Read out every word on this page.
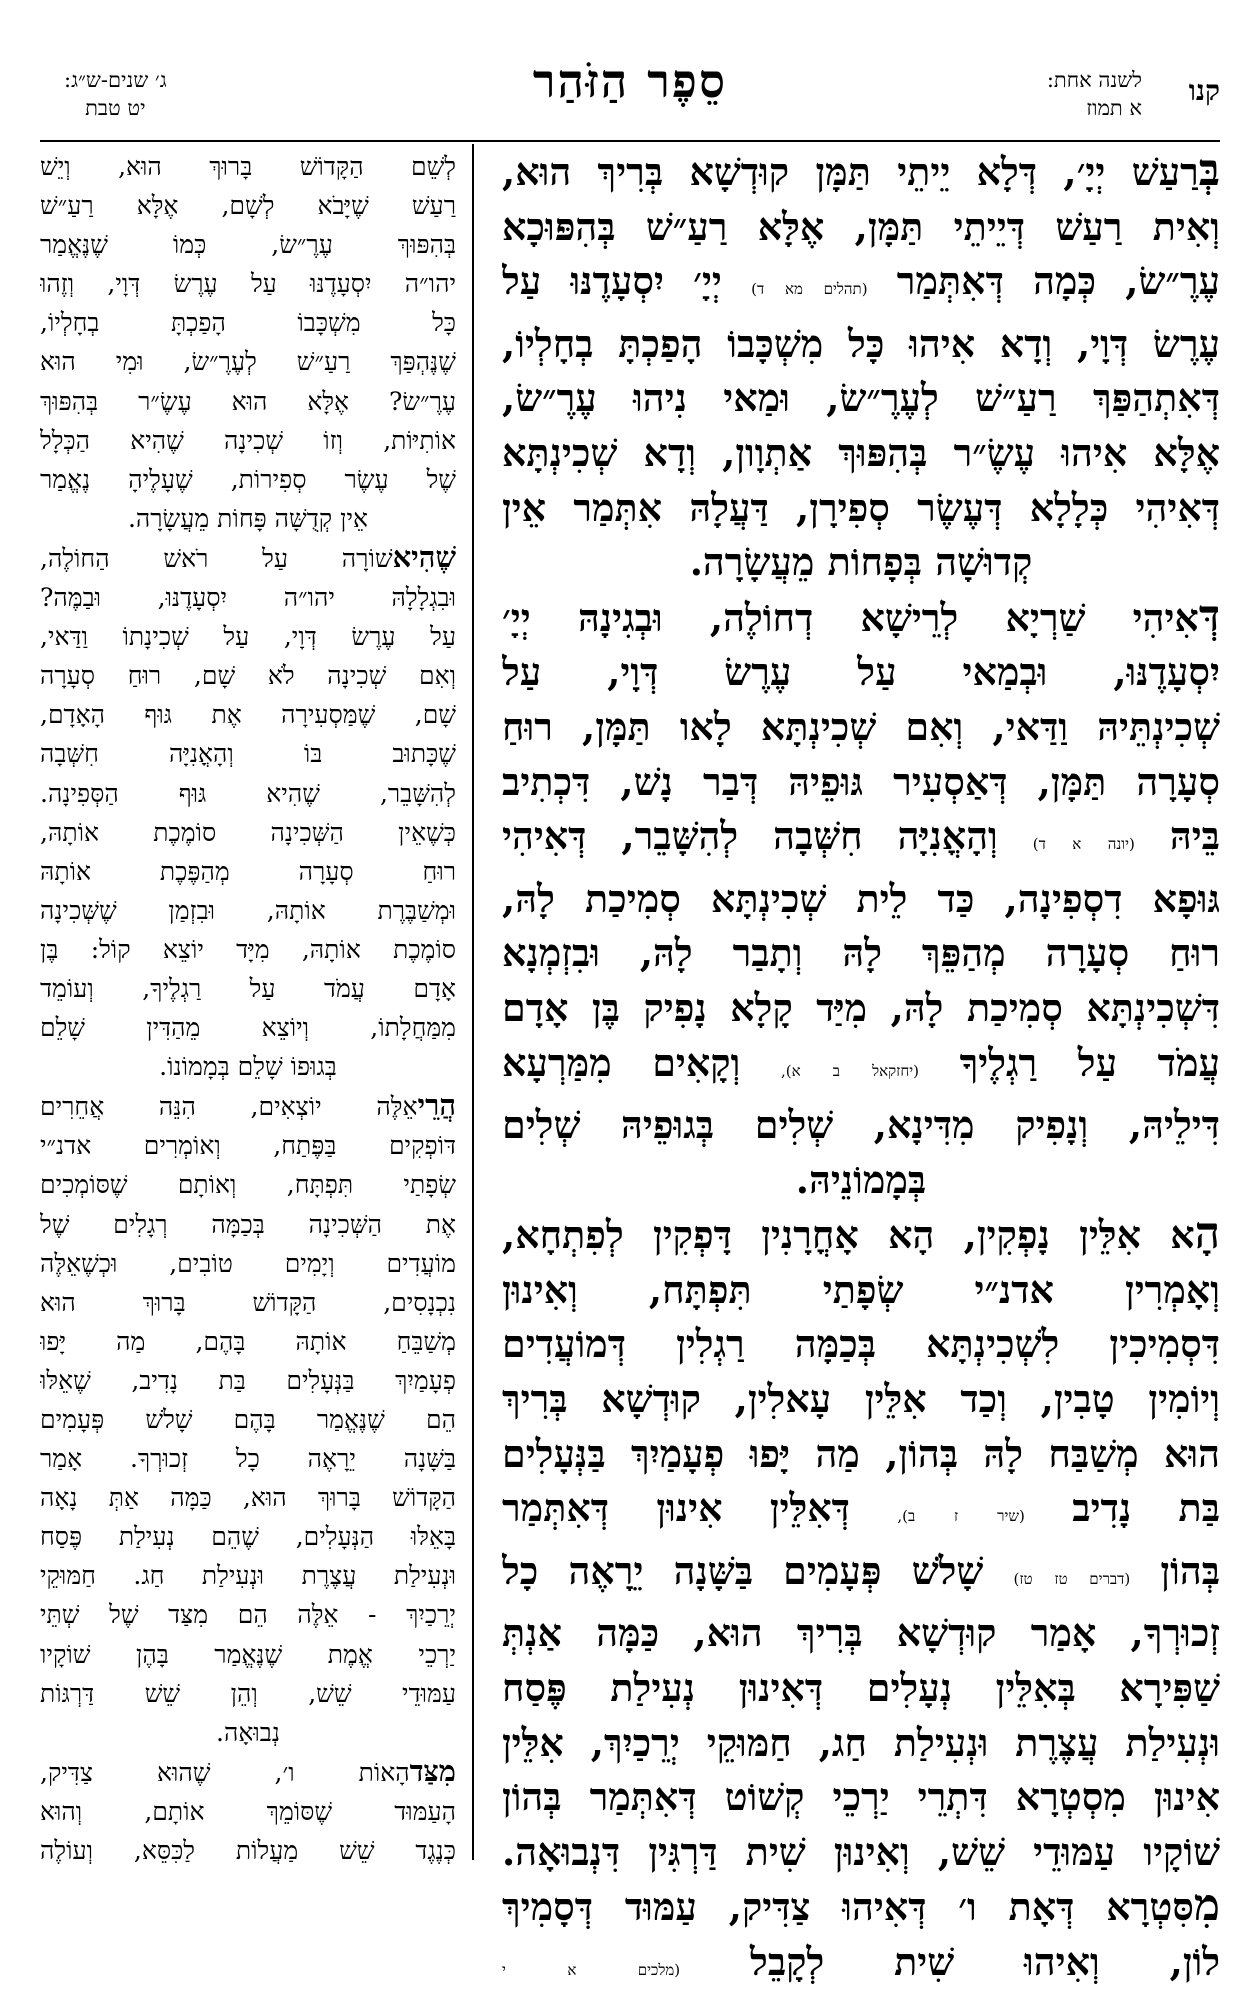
קנו
לשנה אחת:
א תמוז
סֵפֶר הַזֹּהַר
ג׳ שנים-ש״ג:
יט טבת
בְּרַעַשׁ יְיָ׳, דְּלָא יֵיתֵי תַּמָּן קוּדְשָׁא בְּרִיךְ הוּא,
וְאִית רַעַשׁ דְּיֵיתֵי תַּמָּן, אֶלָּא רַעַ״שׁ בְּהִפּוּכָא
עֶרֶ״שׂ, כְּמָה דְּאִתְּמַר (תהלים מא ד) יְיָ׳ יִסְעָדֶנּוּ עַל
עֶרֶשׂ דְּוָי, וְדָא אִיהוּ כָּל מִשְׁכָּבוֹ הָפַכְתָּ בְחָלְיוֹ,
דְּאִתְהַפַּךְ רַעַ״שׁ לְעֶרֶ״שׂ, וּמַאי נִיהוּ עֶרֶ״שׂ,
אֶלָּא אִיהוּ עֶשֶׂ״ר בְּהִפּוּךְ אַתְוָון, וְדָא שְׁכִינְתָּא
דְּאִיהִי כְּלָלָא דְּעֶשֶׂר סְפִירָן, דַּעֲלָהּ אִתְּמַר אֵין
קְדוּשָׁה בְּפָחוֹת מֵעֲשָׂרָה.
דְּאִיהִי שַׁרְיָא לְרֵישָׁא דְחוֹלֶה, וּבְגִינָהּ יְיָ׳
יִסְעָדֶנּוּ, וּבְמַאי עַל עֶרֶשׂ דְּוָי, עַל
שְׁכִינְתֵּיהּ וַדַּאי, וְאִם שְׁכִינְתָּא לָאו תַּמָּן, רוּחַ
סְעָרָה תַּמָּן, דְּאַסְעִיר גּוּפֵיהּ דְּבַר נָשׁ, דִּכְתִיב
בֵּיהּ (יונה א ד) וְהָאֳנִיָּה חִשְּׁבָה לְהִשָּׁבֵר, דְּאִיהִי
גּוּפָא דִסְפִינָה, כַּד לֵית שְׁכִינְתָּא סְמִיכַת לָהּ,
רוּחַ סְעָרָה מְהַפֵּךְ לָהּ וְתָבַר לָהּ, וּבִזְמְנָא
דִּשְׁכִינְתָּא סְמִיכַת לָהּ, מִיַּד קָלָא נָפִיק בֶּן אָדָם
עֲמֹד עַל רַגְלֶיךָ (יחזקאל ב א), וְקָאִים מִמַּרְעָא
דִּילֵיהּ, וְנָפִיק מִדִּינָא, שְׁלִים בְּגוּפֵיהּ שְׁלִים
בְּמָמוֹנֵיהּ.
הָא אִלֵּין נָפְקִין, הָא אָחֳרָנִין דָּפְקִין לְפִתְחָא,
וְאָמְרִין אדנ״י שְׂפָתַי תִּפְתָּח, וְאִינוּן
דִּסְמִיכִין לִשְׁכִינְתָּא בְּכַמָּה רַגְלִין דְּמוֹעֲדִים
וְיוֹמִין טָבִין, וְכַד אִלֵּין עָאלִין, קוּדְשָׁא בְּרִיךְ
הוּא מְשַׁבַּח לָהּ בְּהוֹן, מַה יָּפוּ פְעָמַיִךְ בַּנְּעָלִים
בַּת נָדִיב (שיר ז ב), דְּאִלֵּין אִינוּן דְּאִתְּמַר
בְּהוֹן (דברים טז טז) שָׁלֹשׁ פְּעָמִים בַּשָּׁנָה יֵרָאֶה כָל
זְכוּרְךָ, אָמַר קוּדְשָׁא בְּרִיךְ הוּא, כַּמָּה אַנְתְּ
שַׁפִּירָא בְּאִלֵּין נְעָלִים דְּאִינוּן נְעִילַת פֶּסַח
וּנְעִילַת עֲצֶרֶת וּנְעִילַת חַג, חַמּוּקֵי יְרֵכַיִךְ, אִלֵּין
אִינוּן מִסְטְרָא דִּתְרֵי יַרְכֵי קְשׁוֹט דְּאִתְּמַר בְּהוֹן
שׁוֹקָיו עַמּוּדֵי שֵׁשׁ, וְאִינוּן שִׁית דַּרְגִּין דִּנְבוּאָה.
מִסִּטְרָא דְּאָת ו׳ דְּאִיהוּ צַדִּיק, עַמּוּד דְּסָמִיךְ
לוֹן, וְאִיהוּ שִׁית לְקָבֵל (מלכים א י
לְשֵׁם הַקָּדוֹשׁ בָּרוּךְ הוּא, וְיֵשׁ
רַעַשׁ שֶׁיָּבֹא לְשָׁם, אֶלָּא רַעַ״שׁ
בְּהִפּוּךְ עֶרֶ״שׂ, כְּמוֹ שֶׁנֶּאֱמַר
יהו״ה יִסְעָדֶנּוּ עַל עֶרֶשׂ דְּוָי, וְזֶהוּ
כָּל מִשְׁכָּבוֹ הָפַכְתָּ בְחָלְיוֹ,
שֶׁנֶּהְפַּךְ רַעַ״שׁ לְעֶרֶ״שׂ, וּמִי הוּא
עֶרֶ״שׂ? אֶלָּא הוּא עֶשֶׂ״ר בְּהִפּוּךְ
אוֹתִיּוֹת, וְזוֹ שְׁכִינָה שֶׁהִיא הַכְּלָל
שֶׁל עֶשֶׂר סְפִירוֹת, שֶׁעָלֶיהָ נֶאֱמַר
אֵין קְדֻשָּׁה פָּחוֹת מֵעֲשָׂרָה.
שֶׁהִיאשׁוֹרָה עַל רֹאשׁ הַחוֹלֶה,
וּבִגְלָלָהּ יהו״ה יִסְעָדֶנּוּ, וּבַמֶּה?
עַל עֶרֶשׂ דְּוָי, עַל שְׁכִינָתוֹ וַדַּאי,
וְאִם שְׁכִינָה לֹא שָׁם, רוּחַ סְעָרָה
שָׁם, שֶׁמַּסְעִירָה אֶת גּוּף הָאָדָם,
שֶׁכָּתוּב בּוֹ וְהָאֳנִיָּה חִשְּׁבָה
לְהִשָּׁבֵר, שֶׁהִיא גּוּף הַסְּפִינָה.
כְּשֶׁאֵין הַשְּׁכִינָה סוֹמֶכֶת אוֹתָהּ,
רוּחַ סְעָרָה מְהַפֶּכֶת אוֹתָהּ
וּמְשַׁבֶּרֶת אוֹתָהּ, וּבִזְמַן שֶׁשְּׁכִינָה
סוֹמֶכֶת אוֹתָהּ, מִיָּד יוֹצֵא קוֹל: בֶּן
אָדָם עֲמֹד עַל רַגְלֶיךָ, וְעוֹמֵד
מִמַּחֲלָתוֹ, וְיוֹצֵא מֵהַדִּין שָׁלֵם
בְּגוּפוֹ שָׁלֵם בְּמָמוֹנוֹ.
הֲרֵיאֵלֶּה יוֹצְאִים, הִנֵּה אֲחֵרִים
דּוֹפְקִים בַּפֶּתַח, וְאוֹמְרִים אדנ״י
שְׂפָתַי תִּפְתָּח, וְאוֹתָם שֶׁסּוֹמְכִים
אֶת הַשְּׁכִינָה בְּכַמָּה רְגָלִים שֶׁל
מוֹעֲדִים וְיָמִים טוֹבִים, וּכְשֶׁאֵלֶּה
נִכְנָסִים, הַקָּדוֹשׁ בָּרוּךְ הוּא
מְשַׁבֵּחַ אוֹתָהּ בָּהֶם, מַה יָּפוּ
פְעָמַיִךְ בַּנְּעָלִים בַּת נָדִיב, שֶׁאֵלּוּ
הֵם שֶׁנֶּאֱמַר בָּהֶם שָׁלֹשׁ פְּעָמִים
בַּשָּׁנָה יֵרָאֶה כָל זְכוּרְךָ. אָמַר
הַקָּדוֹשׁ בָּרוּךְ הוּא, כַּמָּה אַתְּ נָאָה
בָּאֵלּוּ הַנְּעָלִים, שֶׁהֵם נְעִילַת פֶּסַח
וּנְעִילַת עֲצֶרֶת וּנְעִילַת חַג. חַמּוּקֵי
יְרֵכַיִךְ - אֵלֶּה הֵם מִצַּד שֶׁל שְׁתֵּי
יַרְכֵי אֱמֶת שֶׁנֶּאֱמַר בָּהֶן שׁוֹקָיו
עַמּוּדֵי שֵׁשׁ, וְהֵן שֵׁשׁ דַּרְגּוֹת
נְבוּאָה.
מִצַּדהָאוֹת ו׳, שֶׁהוּא צַדִּיק,
הָעַמּוּד שֶׁסּוֹמֵךְ אוֹתָם, וְהוּא
כְּנֶגֶד שֵׁשׁ מַעֲלוֹת לַכִּסֵּא, וְעוֹלֶה
